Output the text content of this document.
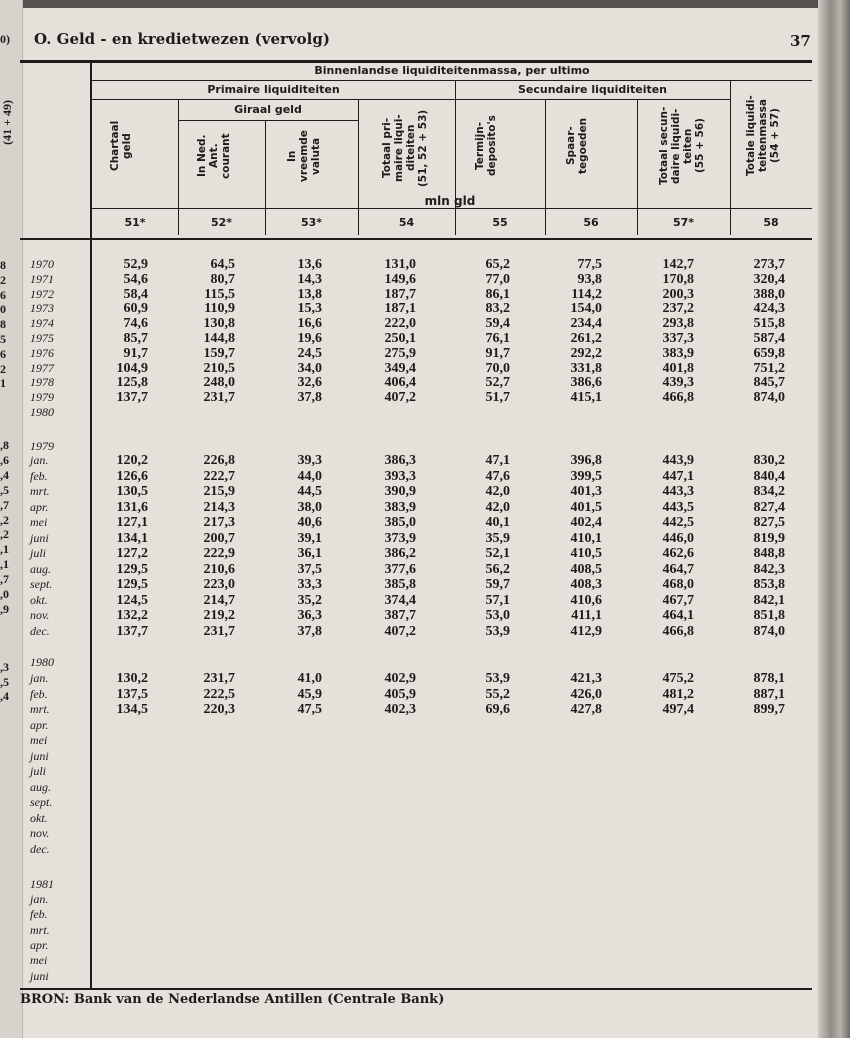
0)
(41 + 49)
8
2
6
0
8
5
6
2
1
,8
,6
,4
,5
,7
,2
,2
,1
,1
,7
,0
,9
,3
,5
,4
O. Geld - en kredietwezen (vervolg)	37
Binnenlandse liquiditeitenmassa, per ultimo
Primaire liquiditeiten
Giraal geld
Secundaire liquiditeiten
mln gld
Chartaal
geld
51*
In Ned. Ant.
courant
52*
In
vreemde
valuta
53*
Totaal pri-
maire liqui-
diteiten
(51, 52 + 53)
54
Termijn-
deposito's
55
Spaar-
tegoeden
56
Totaal secun-
daire liquidi-
teiten
(55 + 56)
57*
Totale liquidi-
teitenmassa
(54 + 57)
58
52,9	64,5	13,6	131,0	65,2	77,5	142,7	273,7
1970
54,6	80,7	14,3	149,6	77,0	93,8	170,8	320,4
1971
58,4	115,5	13,8	187,7	86,1	114,2	200,3	388,0
1972
60,9	110,9	15,3	187,1	83,2	154,0	237,2	424,3
1973
74,6	130,8	16,6	222,0	59,4	234,4	293,8	515,8
1974
85,7	144,8	19,6	250,1	76,1	261,2	337,3	587,4
1975
91,7	159,7	24,5	275,9	91,7	292,2	383,9	659,8
1976
104,9	210,5	34,0	349,4	70,0	331,8	401,8	751,2
1977
125,8	248,0	32,6	406,4	52,7	386,6	439,3	845,7
1978
137,7	231,7	37,8	407,2	51,7	415,1	466,8	874,0
1979
1980
1979
120,2	226,8	39,3	386,3	47,1	396,8	443,9	830,2
jan.
126,6	222,7	44,0	393,3	47,6	399,5	447,1	840,4
feb.
130,5	215,9	44,5	390,9	42,0	401,3	443,3	834,2
mrt.
131,6	214,3	38,0	383,9	42,0	401,5	443,5	827,4
apr.
127,1	217,3	40,6	385,0	40,1	402,4	442,5	827,5
mei
134,1	200,7	39,1	373,9	35,9	410,1	446,0	819,9
juni
127,2	222,9	36,1	386,2	52,1	410,5	462,6	848,8
juli
129,5	210,6	37,5	377,6	56,2	408,5	464,7	842,3
aug.
129,5	223,0	33,3	385,8	59,7	408,3	468,0	853,8
sept.
124,5	214,7	35,2	374,4	57,1	410,6	467,7	842,1
okt.
132,2	219,2	36,3	387,7	53,0	411,1	464,1	851,8
nov.
137,7	231,7	37,8	407,2	53,9	412,9	466,8	874,0
dec.
1980
130,2	231,7	41,0	402,9	53,9	421,3	475,2	878,1
jan.
137,5	222,5	45,9	405,9	55,2	426,0	481,2	887,1
feb.
134,5	220,3	47,5	402,3	69,6	427,8	497,4	899,7
mrt.
apr.
mei
juni
juli
aug.
sept.
okt.
nov.
dec.
1981
jan.
feb.
mrt.
apr.
mei
juni
BRON: Bank van de Nederlandse Antillen (Centrale Bank)
